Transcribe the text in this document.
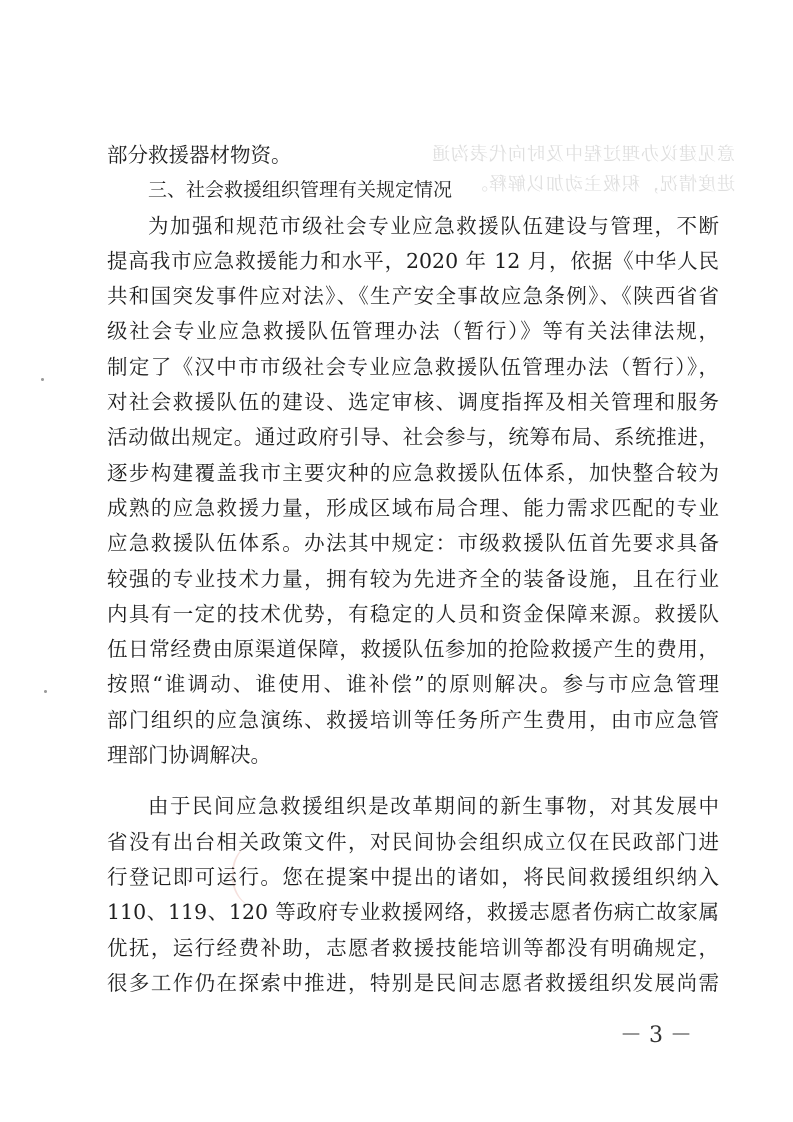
意见建议办理过程中及时向代表沟通
进度情况，积极主动加以解释。
部分救援器材物资。
三、社会救援组织管理有关规定情况
为加强和规范市级社会专业应急救援队伍建设与管理，不断
提高我市应急救援能力和水平，2020 年 12 月，依据《中华人民
共和国突发事件应对法》、《生产安全事故应急条例》、《陕西省省
级社会专业应急救援队伍管理办法（暂行）》等有关法律法规，
制定了《汉中市市级社会专业应急救援队伍管理办法（暂行）》，
对社会救援队伍的建设、选定审核、调度指挥及相关管理和服务
活动做出规定。通过政府引导、社会参与，统筹布局、系统推进，
逐步构建覆盖我市主要灾种的应急救援队伍体系，加快整合较为
成熟的应急救援力量，形成区域布局合理、能力需求匹配的专业
应急救援队伍体系。办法其中规定：市级救援队伍首先要求具备
较强的专业技术力量，拥有较为先进齐全的装备设施，且在行业
内具有一定的技术优势，有稳定的人员和资金保障来源。救援队
伍日常经费由原渠道保障，救援队伍参加的抢险救援产生的费用，
按照“谁调动、谁使用、谁补偿”的原则解决。参与市应急管理
部门组织的应急演练、救援培训等任务所产生费用，由市应急管
理部门协调解决。
由于民间应急救援组织是改革期间的新生事物，对其发展中
省没有出台相关政策文件，对民间协会组织成立仅在民政部门进
行登记即可运行。您在提案中提出的诸如，将民间救援组织纳入
110、119、120 等政府专业救援网络，救援志愿者伤病亡故家属
优抚，运行经费补助，志愿者救援技能培训等都没有明确规定，
很多工作仍在探索中推进，特别是民间志愿者救援组织发展尚需
－ 3 －
